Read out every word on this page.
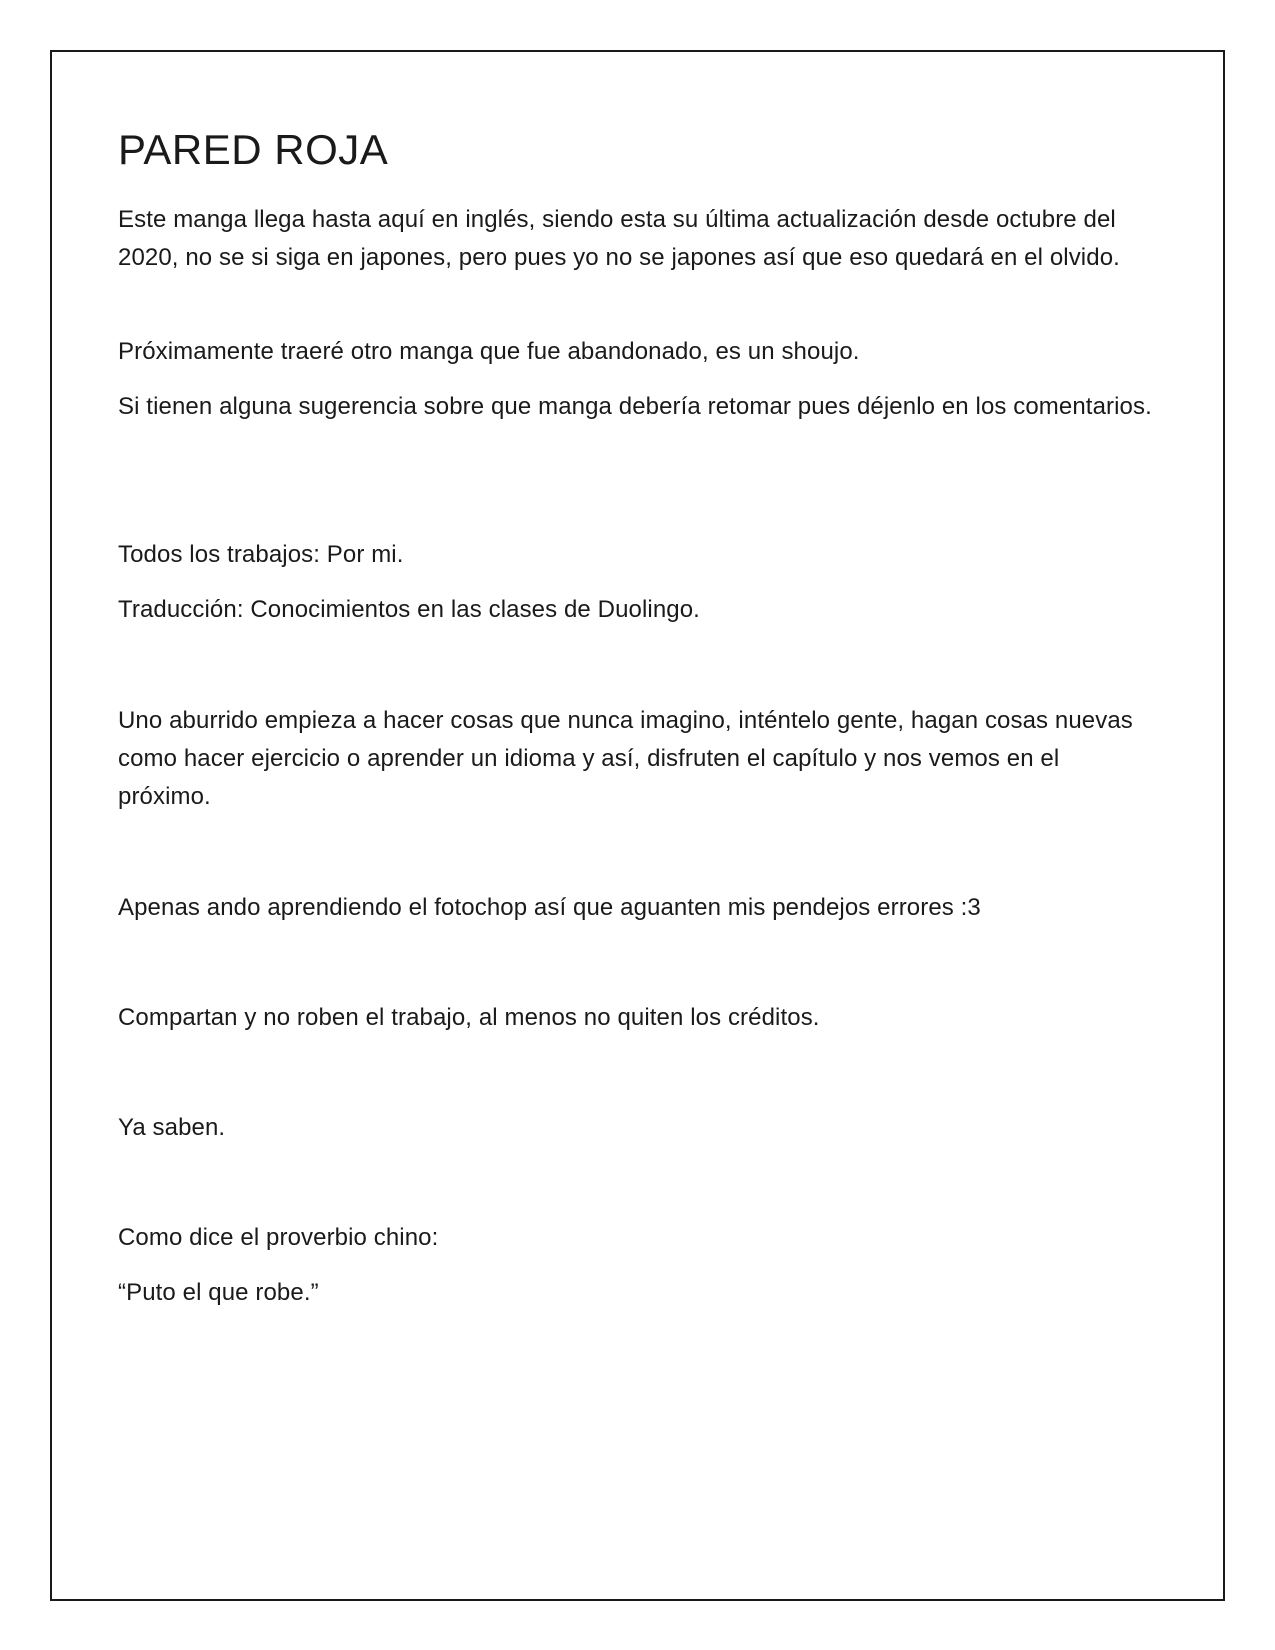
PARED ROJA

Este manga llega hasta aquí en inglés, siendo esta su última actualización desde octubre del 2020, no se si siga en japones, pero pues yo no se japones así que eso quedará en el olvido.

Próximamente traeré otro manga que fue abandonado, es un shoujo.

Si tienen alguna sugerencia sobre que manga debería retomar pues déjenlo en los comentarios.

Todos los trabajos: Por mi.

Traducción: Conocimientos en las clases de Duolingo.

Uno aburrido empieza a hacer cosas que nunca imagino, inténtelo gente, hagan cosas nuevas como hacer ejercicio o aprender un idioma y así, disfruten el capítulo y nos vemos en el próximo.

Apenas ando aprendiendo el fotochop así que aguanten mis pendejos errores :3

Compartan y no roben el trabajo, al menos no quiten los créditos.

Ya saben.

Como dice el proverbio chino:

“Puto el que robe.”
